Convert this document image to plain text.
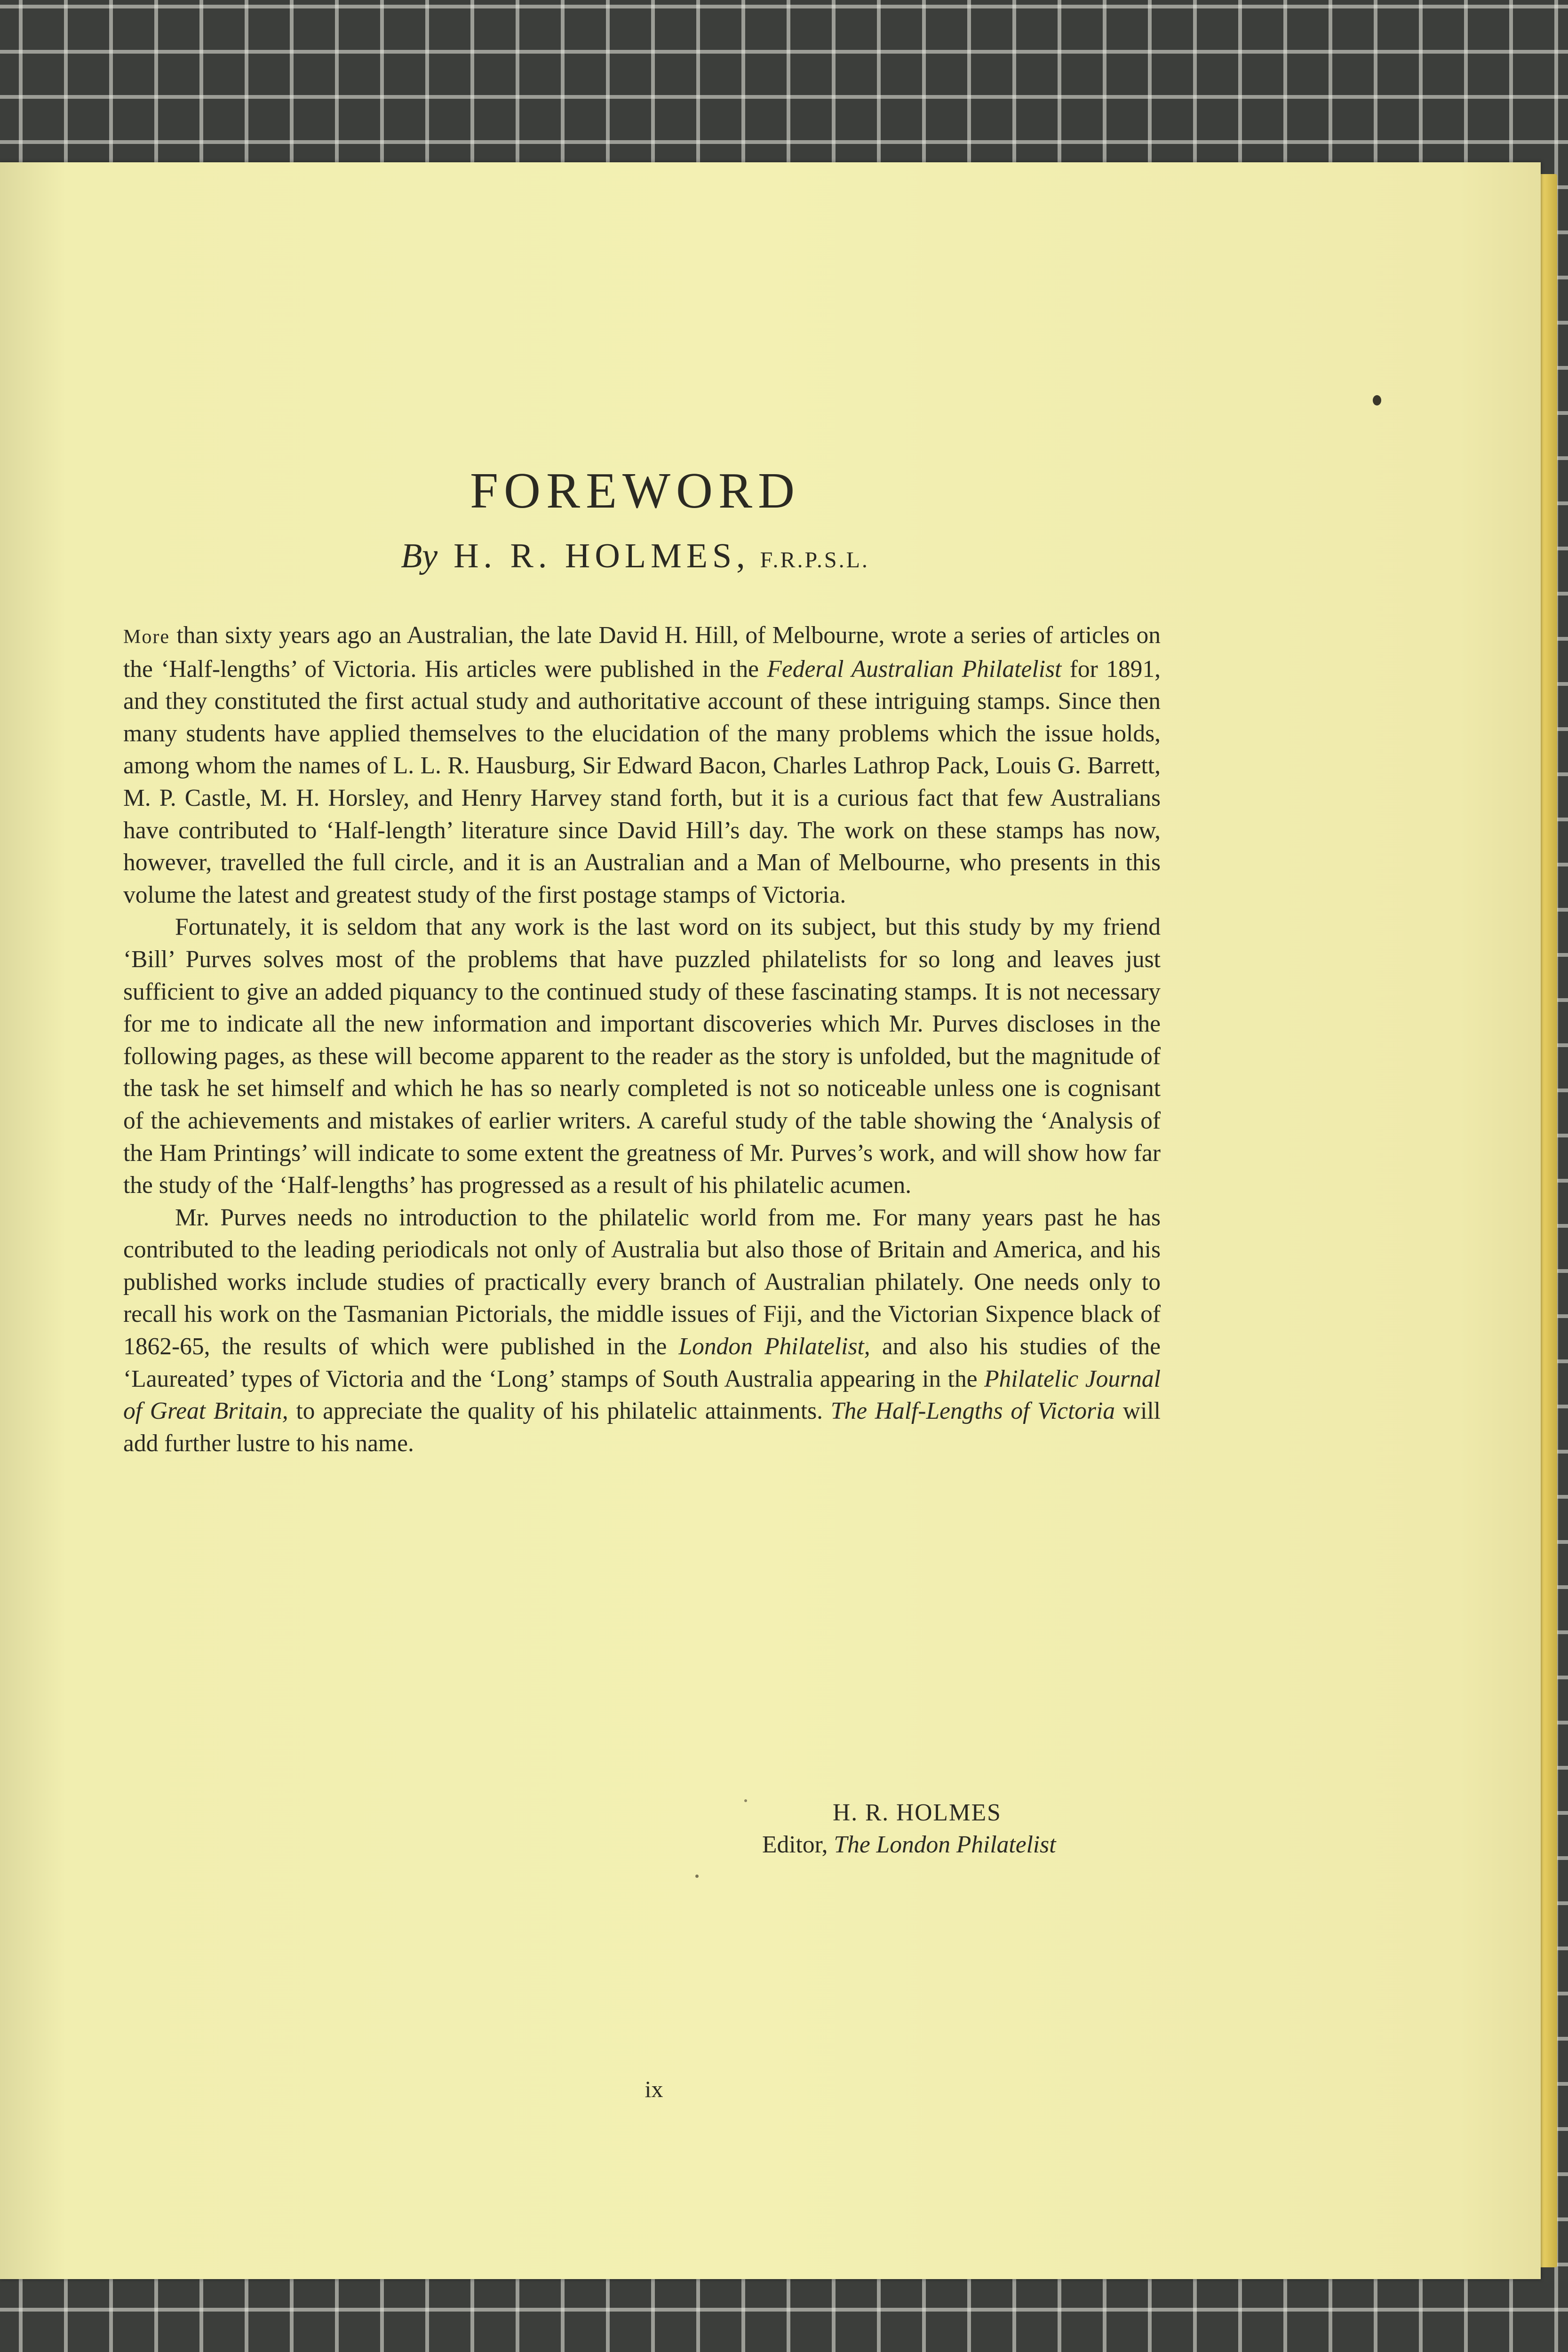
FOREWORD
By H. R. HOLMES, F.R.P.S.L.

More than sixty years ago an Australian, the late David H. Hill, of Melbourne, wrote a series of articles on the ‘Half-lengths’ of Victoria. His articles were published in the Federal Australian Philatelist for 1891, and they constituted the first actual study and authoritative account of these intriguing stamps. Since then many students have applied themselves to the elucidation of the many problems which the issue holds, among whom the names of L. L. R. Hausburg, Sir Edward Bacon, Charles Lathrop Pack, Louis G. Barrett, M. P. Castle, M. H. Horsley, and Henry Harvey stand forth, but it is a curious fact that few Australians have contributed to ‘Half-length’ literature since David Hill’s day. The work on these stamps has now, however, travelled the full circle, and it is an Australian and a Man of Melbourne, who presents in this volume the latest and greatest study of the first postage stamps of Victoria.

Fortunately, it is seldom that any work is the last word on its subject, but this study by my friend ‘Bill’ Purves solves most of the problems that have puzzled philatelists for so long and leaves just sufficient to give an added piquancy to the continued study of these fascinating stamps. It is not necessary for me to indicate all the new information and important discoveries which Mr. Purves discloses in the following pages, as these will become apparent to the reader as the story is unfolded, but the magnitude of the task he set himself and which he has so nearly completed is not so noticeable unless one is cognisant of the achievements and mistakes of earlier writers. A careful study of the table showing the ‘Analysis of the Ham Printings’ will indicate to some extent the greatness of Mr. Purves’s work, and will show how far the study of the ‘Half-lengths’ has progressed as a result of his philatelic acumen.

Mr. Purves needs no introduction to the philatelic world from me. For many years past he has contributed to the leading periodicals not only of Australia but also those of Britain and America, and his published works include studies of practically every branch of Australian philately. One needs only to recall his work on the Tasmanian Pictorials, the middle issues of Fiji, and the Victorian Sixpence black of 1862-65, the results of which were published in the London Philatelist, and also his studies of the ‘Laureated’ types of Victoria and the ‘Long’ stamps of South Australia appearing in the Philatelic Journal of Great Britain, to appreciate the quality of his philatelic attainments. The Half-Lengths of Victoria will add further lustre to his name.

H. R. HOLMES
Editor, The London Philatelist
ix
